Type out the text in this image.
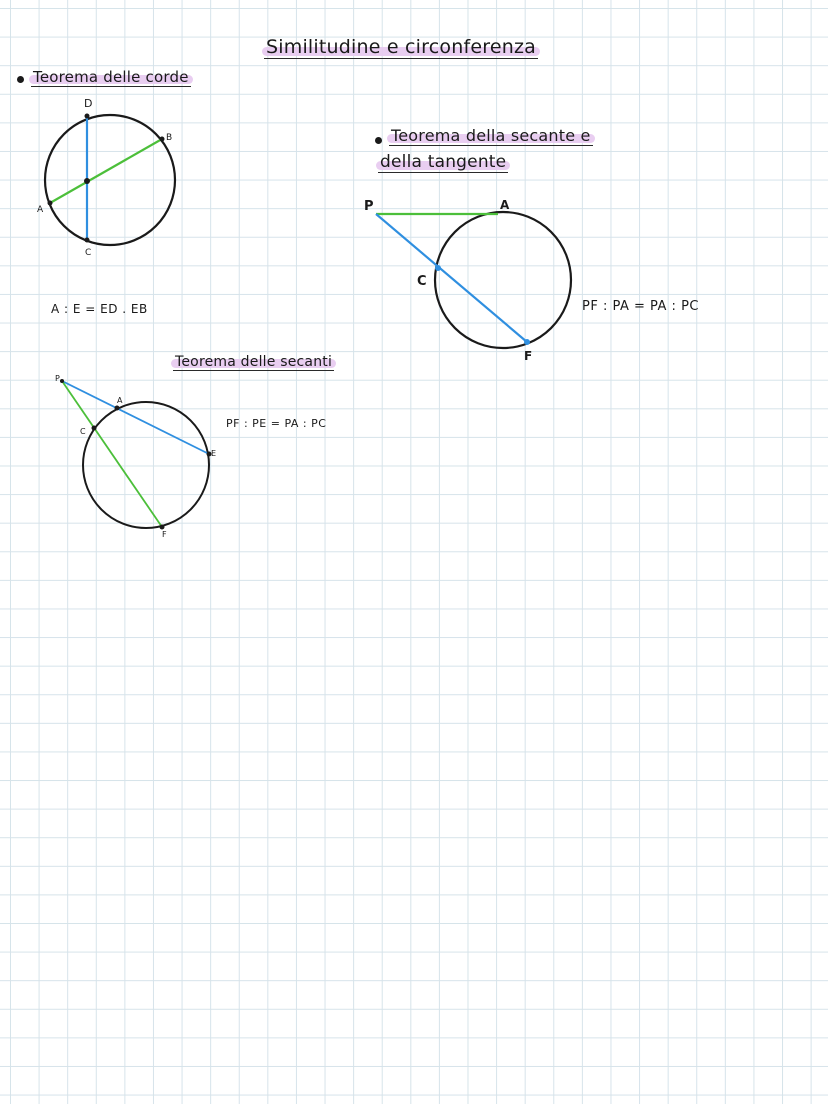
Similitudine e circonferenza
Teorema delle corde
A : E = ED . EB
Teorema della secante e
della tangente
PF : PA = PA : PC
Teorema delle secanti
PF : PE = PA : PC
D
B
A
C
P	A
C
F
P
A
C
E
F
